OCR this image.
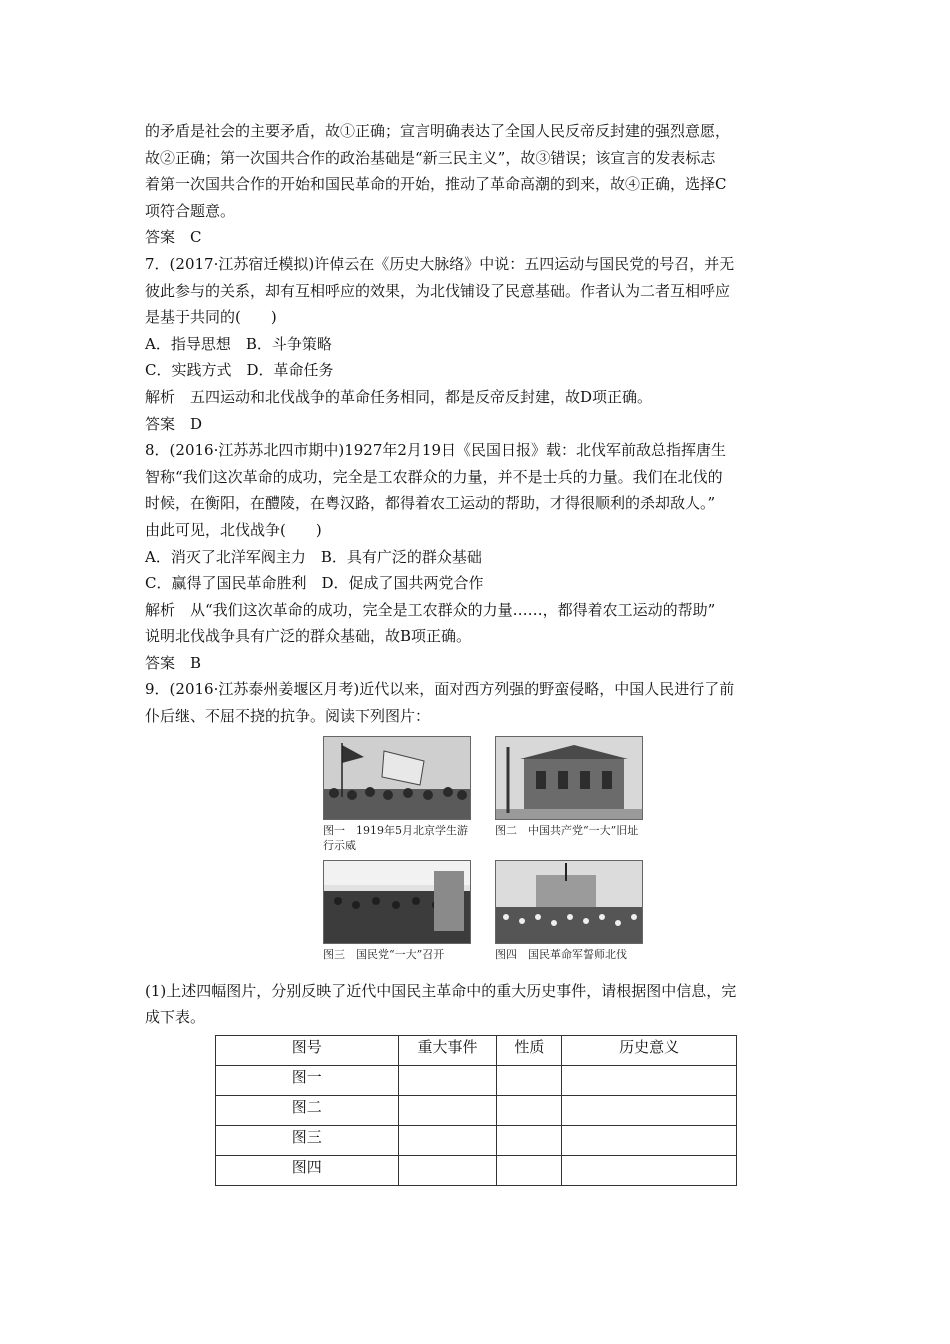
的矛盾是社会的主要矛盾，故①正确；宣言明确表达了全国人民反帝反封建的强烈意愿，

故②正确；第一次国共合作的政治基础是“新三民主义”，故③错误；该宣言的发表标志

着第一次国共合作的开始和国民革命的开始，推动了革命高潮的到来，故④正确，选择C

项符合题意。

答案　C

7．(2017·江苏宿迁模拟)许倬云在《历史大脉络》中说：五四运动与国民党的号召，并无

彼此参与的关系，却有互相呼应的效果，为北伐铺设了民意基础。作者认为二者互相呼应

是基于共同的(　　)

A．指导思想　B．斗争策略

C．实践方式　D．革命任务

解析　五四运动和北伐战争的革命任务相同，都是反帝反封建，故D项正确。

答案　D

8．(2016·江苏苏北四市期中)1927年2月19日《民国日报》载：北伐军前敌总指挥唐生

智称“我们这次革命的成功，完全是工农群众的力量，并不是士兵的力量。我们在北伐的

时候，在衡阳，在醴陵，在粤汉路，都得着农工运动的帮助，才得很顺利的杀却敌人。”

由此可见，北伐战争(　　)

A．消灭了北洋军阀主力　B．具有广泛的群众基础

C．赢得了国民革命胜利　D．促成了国共两党合作

解析　从“我们这次革命的成功，完全是工农群众的力量……，都得着农工运动的帮助”

说明北伐战争具有广泛的群众基础，故B项正确。

答案　B

9．(2016·江苏泰州姜堰区月考)近代以来，面对西方列强的野蛮侵略，中国人民进行了前

仆后继、不屈不挠的抗争。阅读下列图片：

图一　1919年5月北京学生游行示威
图二　中国共产党“一大”旧址
图三　国民党“一大”召开	图四　国民革命军誓师北伐

(1)上述四幅图片，分别反映了近代中国民主革命中的重大历史事件，请根据图中信息，完

成下表。

图号	重大事件	性质	历史意义
图一			
图二			
图三			
图四			
